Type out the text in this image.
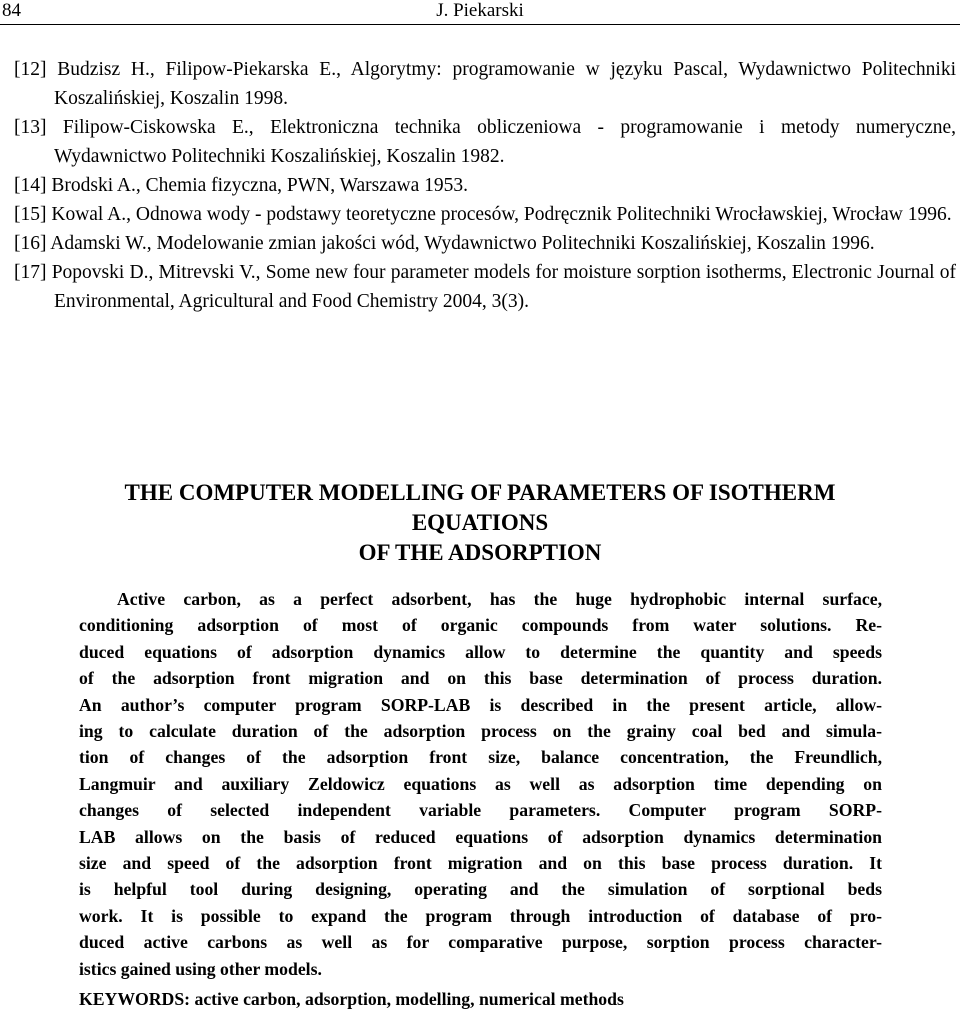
84	J. Piekarski
[12] Budzisz H., Filipow-Piekarska E., Algorytmy: programowanie w języku Pascal, Wydawnictwo Politechniki Koszalińskiej, Koszalin 1998.
[13] Filipow-Ciskowska E., Elektroniczna technika obliczeniowa - programowanie i metody numeryczne, Wydawnictwo Politechniki Koszalińskiej, Koszalin 1982.
[14] Brodski A., Chemia fizyczna, PWN, Warszawa 1953.
[15] Kowal A., Odnowa wody - podstawy teoretyczne procesów, Podręcznik Politechniki Wrocławskiej, Wrocław 1996.
[16] Adamski W., Modelowanie zmian jakości wód, Wydawnictwo Politechniki Koszalińskiej, Koszalin 1996.
[17] Popovski D., Mitrevski V., Some new four parameter models for moisture sorption isotherms, Electronic Journal of Environmental, Agricultural and Food Chemistry 2004, 3(3).
THE COMPUTER MODELLING OF PARAMETERS OF ISOTHERM
EQUATIONS
OF THE ADSORPTION
Active carbon, as a perfect adsorbent, has the huge hydrophobic internal surface,
conditioning adsorption of most of organic compounds from water solutions. Re-
duced equations of adsorption dynamics allow to determine the quantity and speeds
of the adsorption front migration and on this base determination of process duration.
An author’s computer program SORP-LAB is described in the present article, allow-
ing to calculate duration of the adsorption process on the grainy coal bed and simula-
tion of changes of the adsorption front size, balance concentration, the Freundlich,
Langmuir and auxiliary Zeldowicz equations as well as adsorption time depending on
changes of selected independent variable parameters. Computer program SORP-
LAB allows on the basis of reduced equations of adsorption dynamics determination
size and speed of the adsorption front migration and on this base process duration. It
is helpful tool during designing, operating and the simulation of sorptional beds
work. It is possible to expand the program through introduction of database of pro-
duced active carbons as well as for comparative purpose, sorption process character-
istics gained using other models.

KEYWORDS: active carbon, adsorption, modelling, numerical methods
